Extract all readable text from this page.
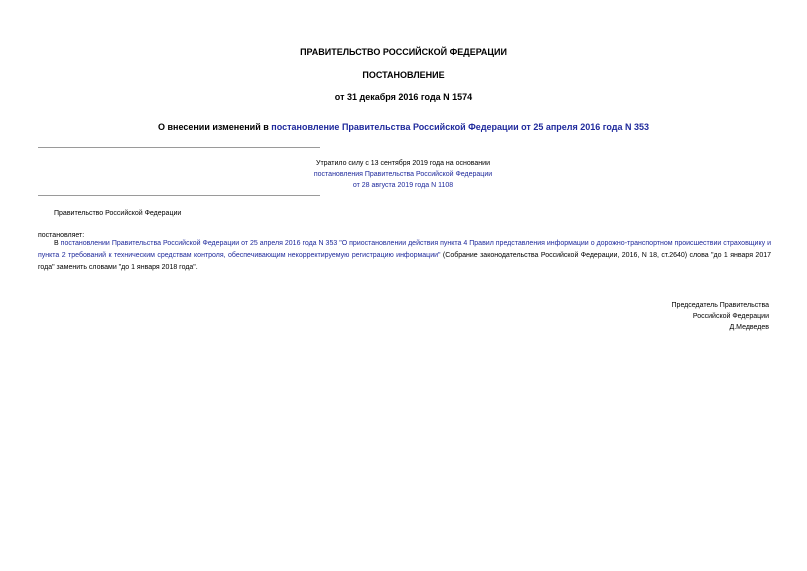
ПРАВИТЕЛЬСТВО РОССИЙСКОЙ ФЕДЕРАЦИИ
ПОСТАНОВЛЕНИЕ
от 31 декабря 2016 года N 1574
О внесении изменений в постановление Правительства Российской Федерации от 25 апреля 2016 года N 353
Утратило силу с 13 сентября 2019 года на основании
постановления Правительства Российской Федерации
от 28 августа 2019 года N 1108
Правительство Российской Федерации
постановляет:
В постановлении Правительства Российской Федерации от 25 апреля 2016 года N 353 "О приостановлении действия пункта 4 Правил представления информации о дорожно-транспортном происшествии страховщику и пункта 2 требований к техническим средствам контроля, обеспечивающим некорректируемую регистрацию информации" (Собрание законодательства Российской Федерации, 2016, N 18, ст.2640) слова "до 1 января 2017 года" заменить словами "до 1 января 2018 года".
Председатель Правительства
Российской Федерации
Д.Медведев
